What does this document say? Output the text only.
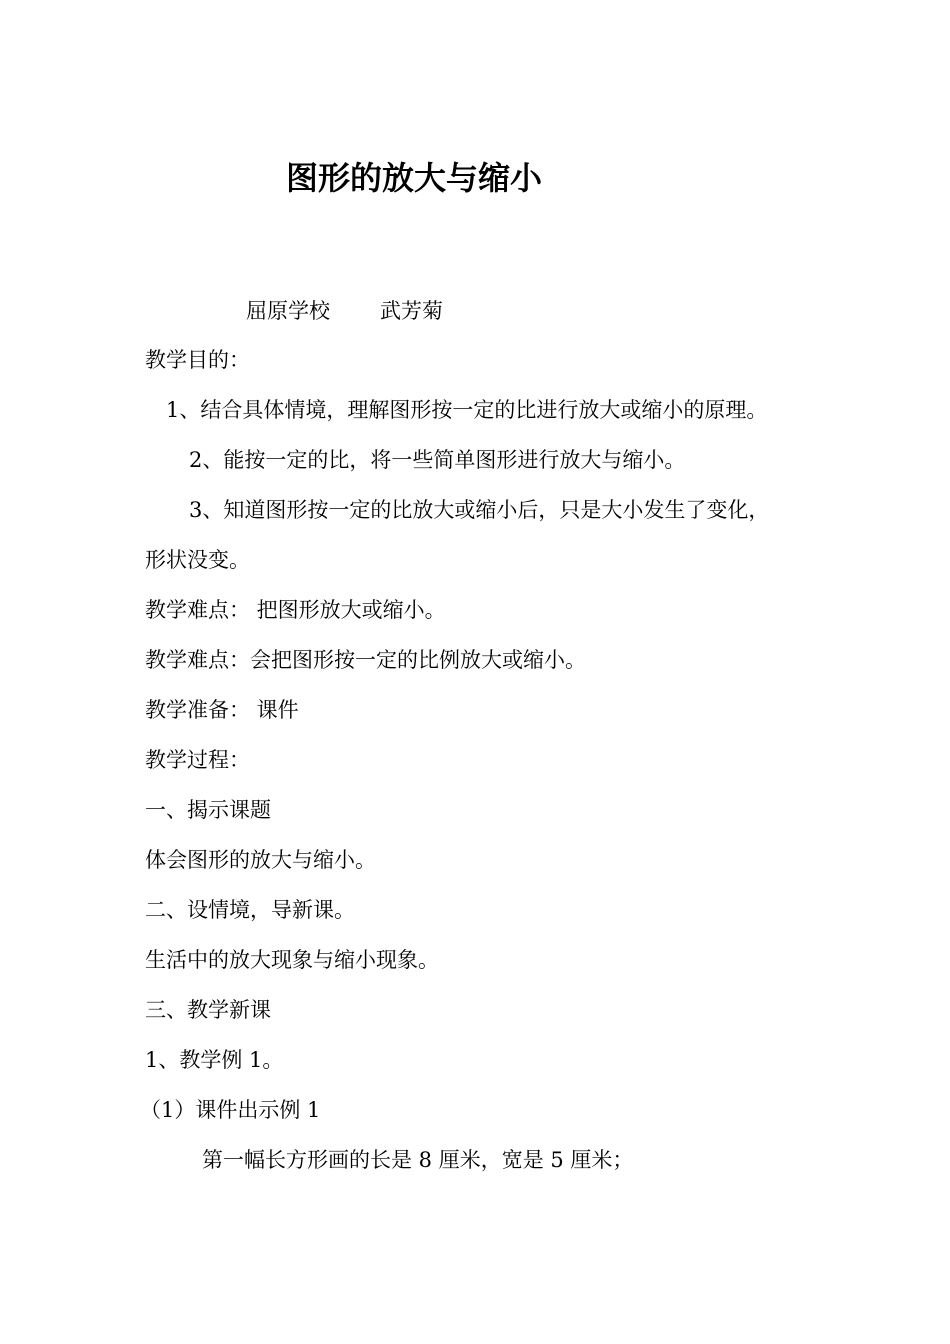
图形的放大与缩小
屈原学校 武芳菊
教学目的：
1、结合具体情境，理解图形按一定的比进行放大或缩小的原理。
2、能按一定的比，将一些简单图形进行放大与缩小。
3、知道图形按一定的比放大或缩小后，只是大小发生了变化，
形状没变。
教学难点： 把图形放大或缩小。
教学难点：会把图形按一定的比例放大或缩小。
教学准备： 课件
教学过程：
一、揭示课题
体会图形的放大与缩小。
二、设情境，导新课。
生活中的放大现象与缩小现象。
三、教学新课
1、教学例 1。
（1）课件出示例 1
第一幅长方形画的长是 8 厘米，宽是 5 厘米；
